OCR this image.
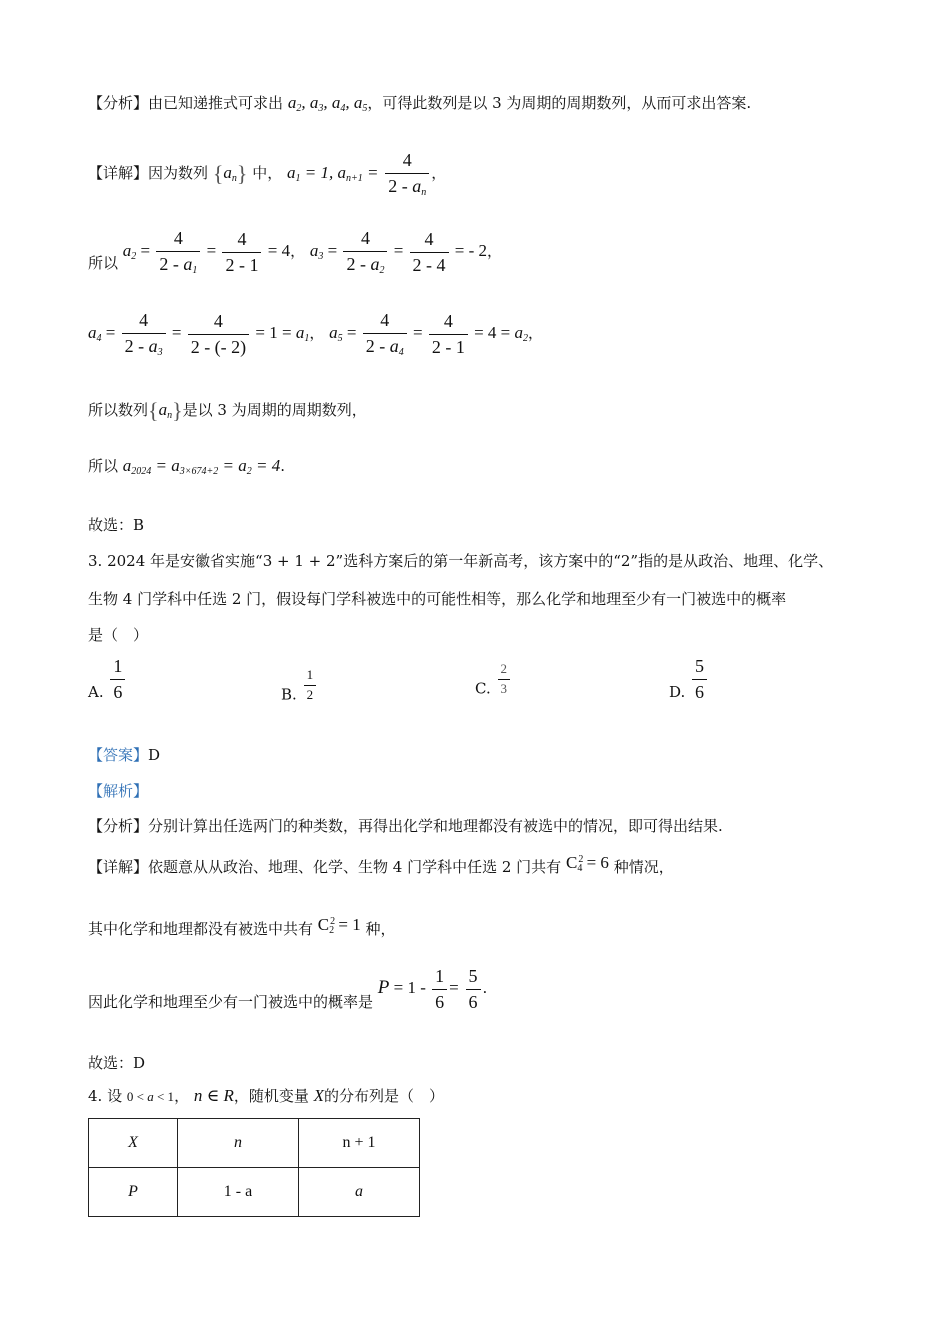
【分析】由已知递推式可求出 $a_2$, $a_3$, $a_4$, $a_5$，可得此数列是以 3 为周期的周期数列，从而可求出答案.
【详解】因为数列 $\{a_n\}$ 中， $a_1 = 1$, $a_{n+1} = \frac{4}{2 - a_n}$ ，
所以 $a_2 = \frac{4}{2 - a_1} = \frac{4}{2 - 1} = 4$， $a_3 = \frac{4}{2 - a_2} = \frac{4}{2 - 4}$ = - 2，
$a_4 = \frac{4}{2 - a_3} = \frac{4}{2 - (- 2)} = 1 = a_1$， $a_5 = \frac{4}{2 - a_4} = \frac{4}{2 - 1} = 4 = a_2$，
所以数列$\{a_n\}$是以 3 为周期的周期数列，
所以 $a_{2024} = a_{3\times 674+2} = a_2 = 4$.
故选：B
3. 2024 年是安徽省实施“3 + 1 + 2”选科方案后的第一年新高考，该方案中的“2”指的是从政治、地理、化学、
生物 4 门学科中任选 2 门，假设每门学科被选中的可能性相等，那么化学和地理至少有一门被选中的概率
是（　）
A. $\frac{1}{6}$	B. $\frac{1}{2}$	C. $\frac{2}{3}$	D. $\frac{5}{6}$
【答案】D
【解析】
【分析】分别计算出任选两门的种类数，再得出化学和地理都没有被选中的情况，即可得出结果.
【详解】依题意从从政治、地理、化学、生物 4 门学科中任选 2 门共有 $C^2_4 = 6$ 种情况，
其中化学和地理都没有被选中共有 $C^2_2 = 1$ 种，
因此化学和地理至少有一门被选中的概率是 $P = 1 - \frac{1}{6} = \frac{5}{6}$ .
故选：D
4. 设 0 < a < 1， n ∈ R，随机变量 X的分布列是（　）
X	n	n + 1
P	1 - a	a
